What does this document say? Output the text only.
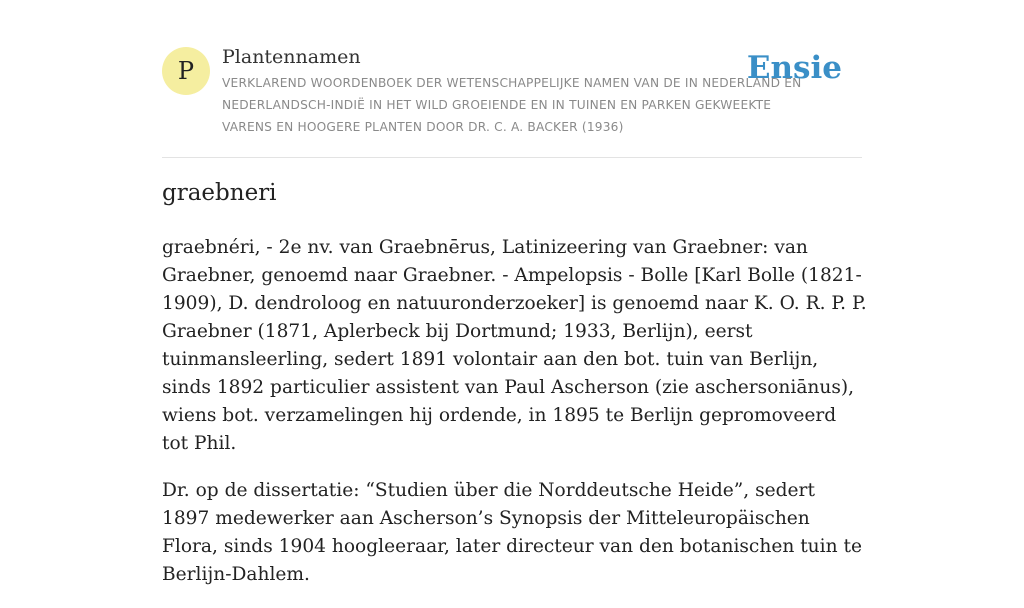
P	Plantennamen
VERKLAREND WOORDENBOEK DER WETENSCHAPPELIJKE NAMEN VAN DE IN NEDERLAND EN NEDERLANDSCH-INDIË IN HET WILD GROEIENDE EN IN TUINEN EN PARKEN GEKWEEKTE VARENS EN HOOGERE PLANTEN DOOR DR. C. A. BACKER (1936)
Ensie
graebneri

graebnéri, - 2e nv. van Graebnērus, Latinizeering van Graebner: van Graebner, genoemd naar Graebner. - Ampelopsis - Bolle [Karl Bolle (1821-1909), D. dendroloog en natuuronderzoeker] is genoemd naar K. O. R. P. P. Graebner (1871, Aplerbeck bij Dortmund; 1933, Berlijn), eerst tuinmansleerling, sedert 1891 volontair aan den bot. tuin van Berlijn, sinds 1892 particulier assistent van Paul Ascherson (zie aschersoniānus), wiens bot. verzamelingen hij ordende, in 1895 te Berlijn gepromoveerd tot Phil.

Dr. op de dissertatie: “Studien über die Norddeutsche Heide”, sedert 1897 medewerker aan Ascherson’s Synopsis der Mitteleuropäischen Flora, sinds 1904 hoogleeraar, later directeur van den botanischen tuin te Berlijn-Dahlem.
